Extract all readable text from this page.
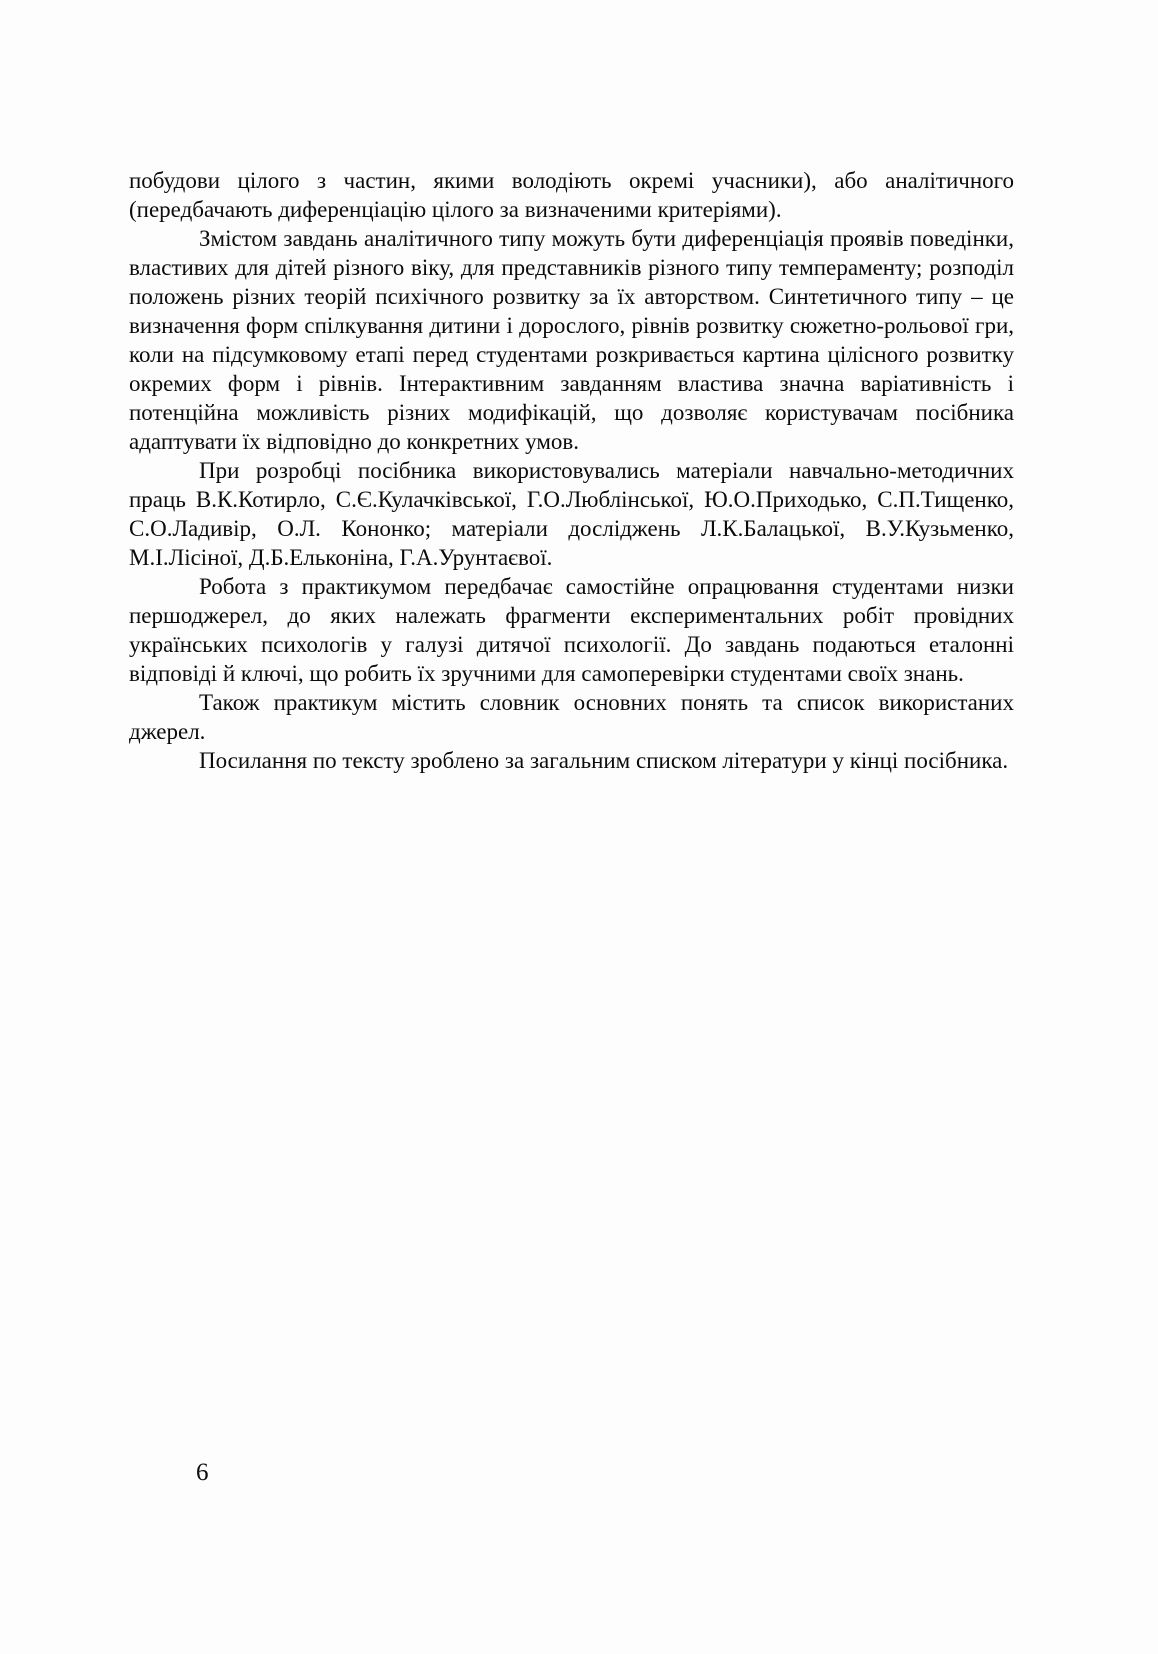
побудови цілого з частин, якими володіють окремі учасники), або аналітичного (передбачають диференціацію цілого за визначеними критеріями).

Змістом завдань аналітичного типу можуть бути диференціація проявів поведінки, властивих для дітей різного віку, для представників різного типу темпераменту; розподіл положень різних теорій психічного розвитку за їх авторством. Синтетичного типу – це визначення форм спілкування дитини і дорослого, рівнів розвитку сюжетно-рольової гри, коли на підсумковому етапі перед студентами розкривається картина цілісного розвитку окремих форм і рівнів. Інтерактивним завданням властива значна варіативність і потенційна можливість різних модифікацій, що дозволяє користувачам посібника адаптувати їх відповідно до конкретних умов.

При розробці посібника використовувались матеріали навчально-методичних праць В.К.Котирло, С.Є.Кулачківської, Г.О.Люблінської, Ю.О.Приходько, С.П.Тищенко, С.О.Ладивір, О.Л. Кононко; матеріали досліджень Л.К.Балацької, В.У.Кузьменко, М.І.Лісіної, Д.Б.Ельконіна, Г.А.Урунтаєвої.

Робота з практикумом передбачає самостійне опрацювання студентами низки першоджерел, до яких належать фрагменти експериментальних робіт провідних українських психологів у галузі дитячої психології. До завдань подаються еталонні відповіді й ключі, що робить їх зручними для самоперевірки студентами своїх знань.

Також практикум містить словник основних понять та список використаних джерел.

Посилання по тексту зроблено за загальним списком літератури у кінці посібника.

6
